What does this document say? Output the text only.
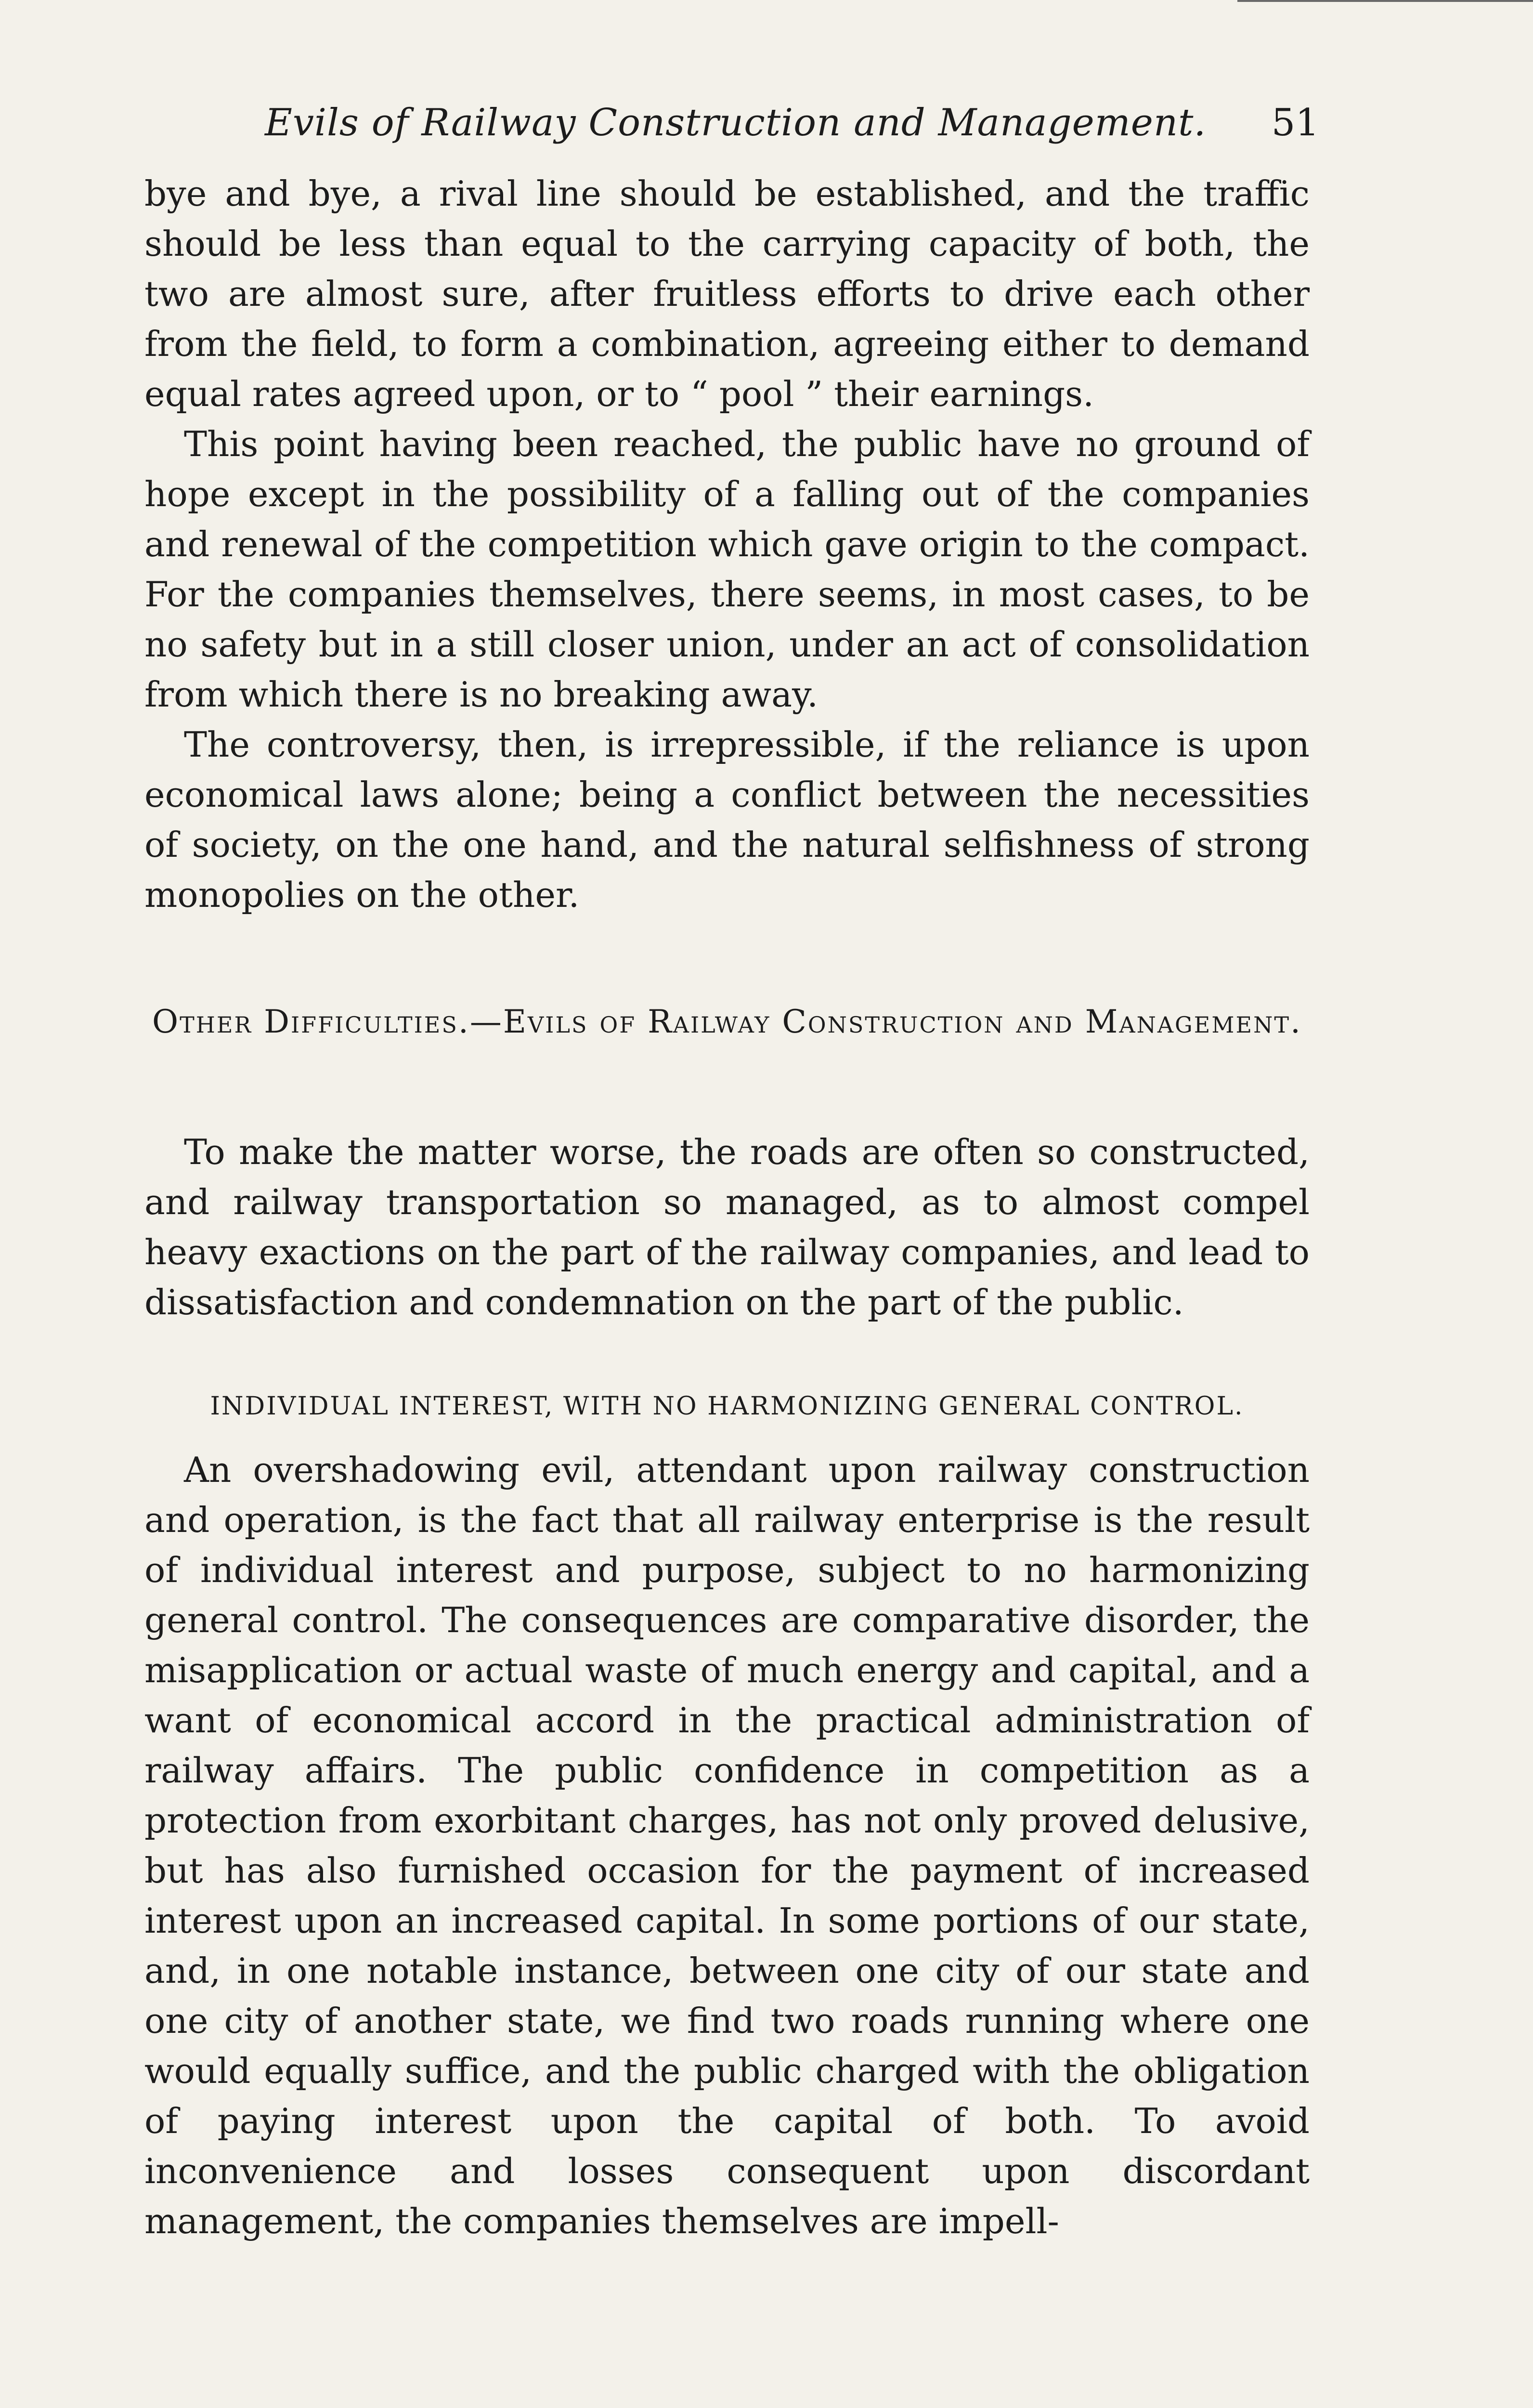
Evils of Railway Construction and Management. 51

bye and bye, a rival line should be established, and the traffic should be less than equal to the carrying capacity of both, the two are almost sure, after fruitless efforts to drive each other from the field, to form a combination, agreeing either to demand equal rates agreed upon, or to “ pool ” their earnings.

This point having been reached, the public have no ground of hope except in the possibility of a falling out of the companies and renewal of the competition which gave origin to the compact. For the companies themselves, there seems, in most cases, to be no safety but in a still closer union, under an act of consolidation from which there is no breaking away.

The controversy, then, is irrepressible, if the reliance is upon economical laws alone; being a conflict between the necessities of society, on the one hand, and the natural selfishness of strong monopolies on the other.

Other Difficulties.—Evils of Railway Construction and Management.

To make the matter worse, the roads are often so constructed, and railway transportation so managed, as to almost compel heavy exactions on the part of the railway companies, and lead to dissatisfaction and condemnation on the part of the public.

INDIVIDUAL INTEREST, WITH NO HARMONIZING GENERAL CONTROL.

An overshadowing evil, attendant upon railway construction and operation, is the fact that all railway enterprise is the result of individual interest and purpose, subject to no harmonizing general control. The consequences are comparative disorder, the misapplication or actual waste of much energy and capital, and a want of economical accord in the practical administration of railway affairs. The public confidence in competition as a protection from exorbitant charges, has not only proved delusive, but has also furnished occasion for the payment of increased interest upon an increased capital. In some portions of our state, and, in one notable instance, between one city of our state and one city of another state, we find two roads running where one would equally suffice, and the public charged with the obligation of paying interest upon the capital of both. To avoid inconvenience and losses consequent upon discordant management, the companies themselves are impell-
